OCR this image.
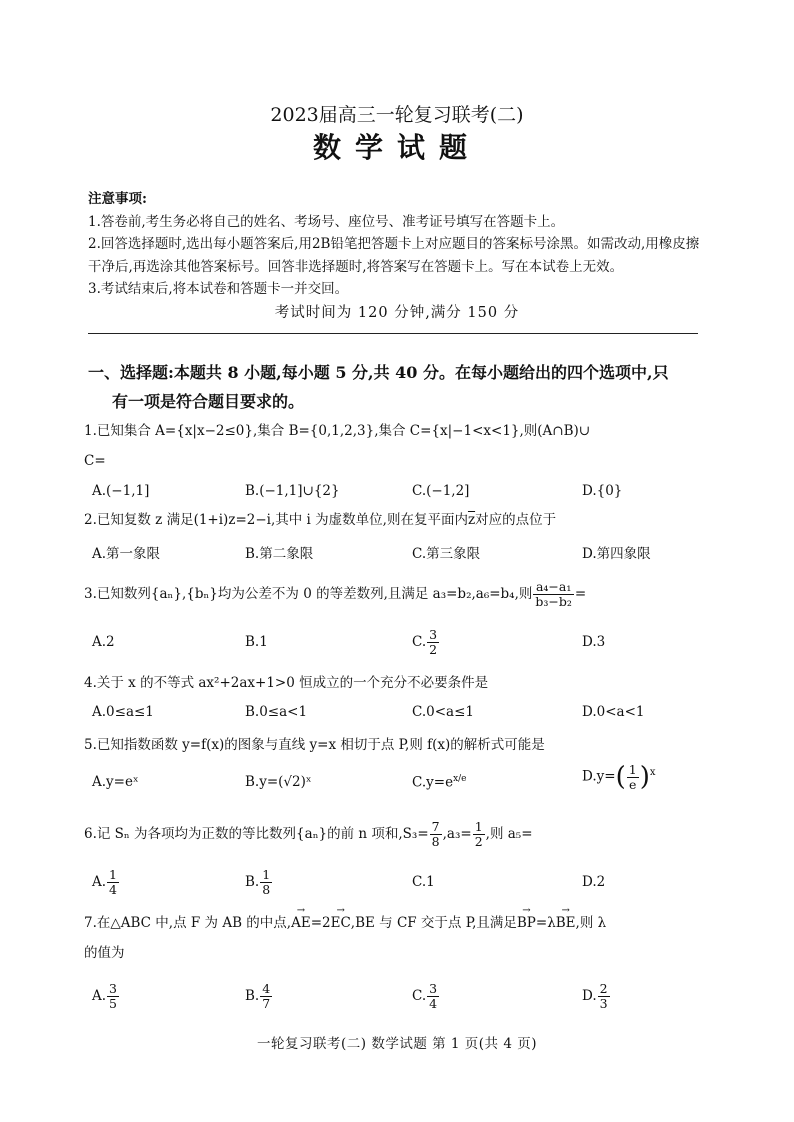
2023届高三一轮复习联考(二)
数学试题
注意事项:
1.答卷前,考生务必将自己的姓名、考场号、座位号、准考证号填写在答题卡上。
2.回答选择题时,选出每小题答案后,用2B铅笔把答题卡上对应题目的答案标号涂黑。如需改动,用橡皮擦干净后,再选涂其他答案标号。回答非选择题时,将答案写在答题卡上。写在本试卷上无效。
3.考试结束后,将本试卷和答题卡一并交回。
考试时间为 120 分钟,满分 150 分
一、选择题:本题共 8 小题,每小题 5 分,共 40 分。在每小题给出的四个选项中,只
有一项是符合题目要求的。
1.已知集合 A={x|x−2≤0},集合 B={0,1,2,3},集合 C={x|−1<x<1},则(A∩B)∪
C=
A.(−1,1]	B.(−1,1]∪{2}	C.(−1,2]	D.{0}
2.已知复数 z 满足(1+i)z=2−i,其中 i 为虚数单位,则在复平面内$\overline{z}$对应的点位于
A.第一象限	B.第二象限	C.第三象限	D.第四象限
3.已知数列{aₙ},{bₙ}均为公差不为 0 的等差数列,且满足 a₃=b₂,a₆=b₄,则 $\frac{\text{a₄−a₁}}{\text{b₃−b₂}}$ =
A.2	B.1	C. $\frac{3}{2}$	D.3
4.关于 x 的不等式 ax²+2ax+1>0 恒成立的一个充分不必要条件是
A.0≤a≤1	B.0≤a<1	C.0<a≤1	D.0<a<1
5.已知指数函数 y=f(x)的图象与直线 y=x 相切于点 P,则 f(x)的解析式可能是
A.y=eˣ	B.y=(√2)ˣ	$C.y=e^{x/e}$	$D.y=( \frac{1}{e} )^x$
6.记 Sₙ 为各项均为正数的等比数列{aₙ}的前 n 项和$,S_3= \frac{7}{8} ,a_3= \frac{1}{2}$ ,则 a₅=
A. $\frac{1}{4}$	B. $\frac{1}{8}$	C.1	D.2
7.在△ABC 中,点 F 为 AB 的中点,→ AE=2→ EC,BE 与 CF 交于点 P,且满足→ BP=λ→ BE,则 λ
的值为
A. $\frac{3}{5}$	B. $\frac{4}{7}$	C. $\frac{3}{4}$	D. $\frac{2}{3}$
一轮复习联考(二) 数学试题 第 1 页(共 4 页)
